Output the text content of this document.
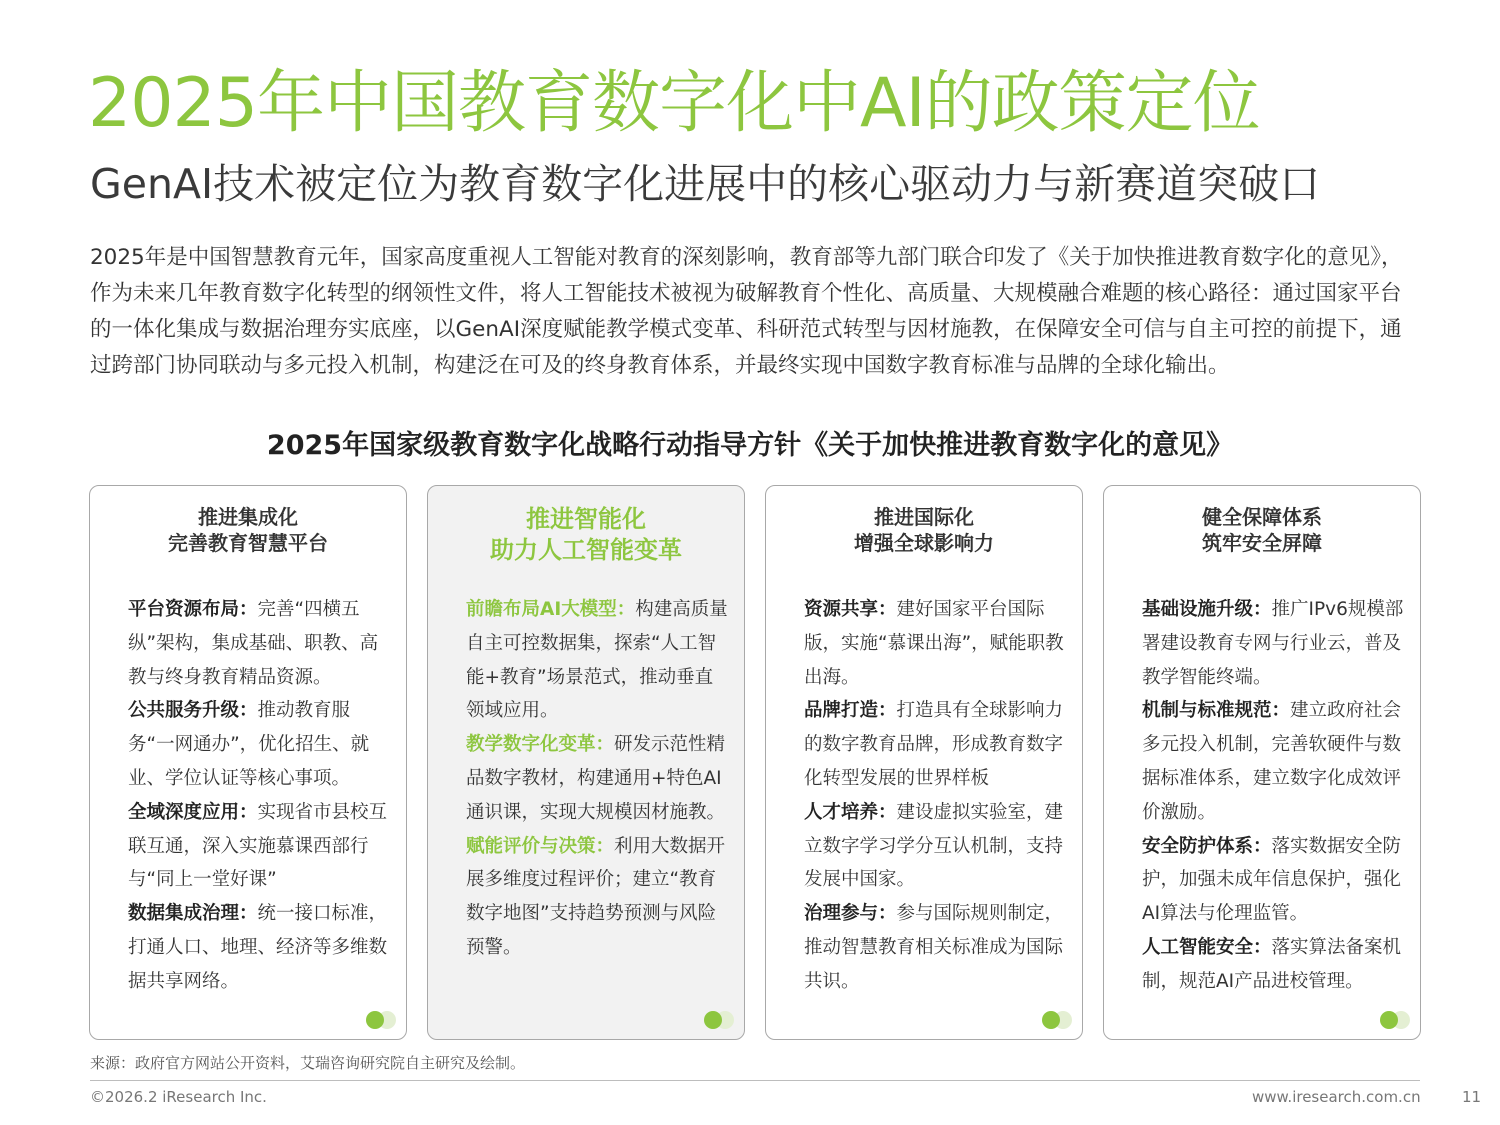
2025年中国教育数字化中AI的政策定位
GenAI技术被定位为教育数字化进展中的核心驱动力与新赛道突破口

2025年是中国智慧教育元年，国家高度重视人工智能对教育的深刻影响，教育部等九部门联合印发了《关于加快推进教育数字化的意见》，作为未来几年教育数字化转型的纲领性文件，将人工智能技术被视为破解教育个性化、高质量、大规模融合难题的核心路径：通过国家平台的一体化集成与数据治理夯实底座，以GenAI深度赋能教学模式变革、科研范式转型与因材施教，在保障安全可信与自主可控的前提下，通过跨部门协同联动与多元投入机制，构建泛在可及的终身教育体系，并最终实现中国数字教育标准与品牌的全球化输出。

2025年国家级教育数字化战略行动指导方针《关于加快推进教育数字化的意见》
推进集成化
完善教育智慧平台

平台资源布局：完善“四横五纵”架构，集成基础、职教、高教与终身教育精品资源。

公共服务升级：推动教育服务“一网通办”，优化招生、就业、学位认证等核心事项。

全域深度应用：实现省市县校互联互通，深入实施慕课西部行与“同上一堂好课”

数据集成治理：统一接口标准，打通人口、地理、经济等多维数据共享网络。

推进智能化
助力人工智能变革

前瞻布局AI大模型：构建高质量自主可控数据集，探索“人工智能+教育”场景范式，推动垂直领域应用。

教学数字化变革：研发示范性精品数字教材，构建通用+特色AI通识课，实现大规模因材施教。

赋能评价与决策：利用大数据开展多维度过程评价；建立“教育数字地图”支持趋势预测与风险预警。

推进国际化
增强全球影响力

资源共享：建好国家平台国际版，实施“慕课出海”，赋能职教出海。

品牌打造：打造具有全球影响力的数字教育品牌，形成教育数字化转型发展的世界样板

人才培养：建设虚拟实验室，建立数字学习学分互认机制，支持发展中国家。

治理参与：参与国际规则制定，推动智慧教育相关标准成为国际共识。

健全保障体系
筑牢安全屏障

基础设施升级：推广IPv6规模部署建设教育专网与行业云，普及教学智能终端。

机制与标准规范：建立政府社会多元投入机制，完善软硬件与数据标准体系，建立数字化成效评价激励。

安全防护体系：落实数据安全防护，加强未成年信息保护，强化AI算法与伦理监管。

人工智能安全：落实算法备案机制，规范AI产品进校管理。

来源：政府官方网站公开资料，艾瑞咨询研究院自主研究及绘制。
©2026.2 iResearch Inc.	www.iresearch.com.cn	11
